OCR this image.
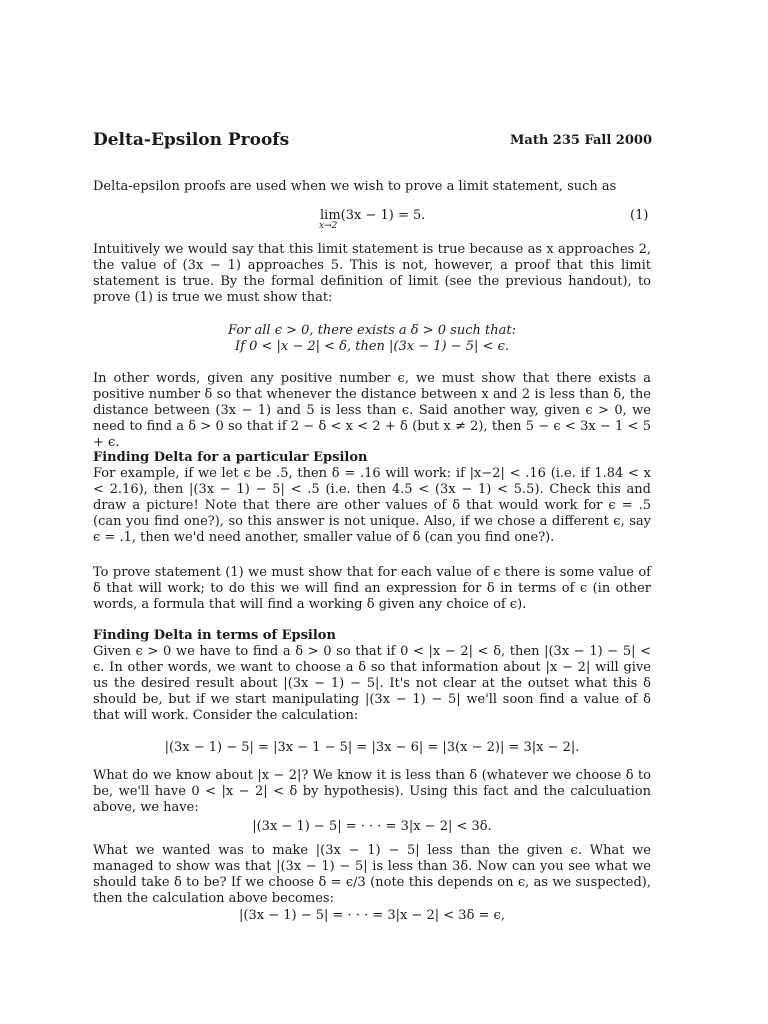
Delta-Epsilon Proofs	Math 235 Fall 2000
Delta-epsilon proofs are used when we wish to prove a limit statement, such as
lim(3x − 1) = 5.
x→2
(1)

Intuitively we would say that this limit statement is true because as x approaches 2, the value of (3x − 1) approaches 5. This is not, however, a proof that this limit statement is true. By the formal definition of limit (see the previous handout), to prove (1) is true we must show that:

For all ϵ > 0, there exists a δ > 0 such that:
If 0 < |x − 2| < δ, then |(3x − 1) − 5| < ϵ.

In other words, given any positive number ϵ, we must show that there exists a positive number δ so that whenever the distance between x and 2 is less than δ, the distance between (3x − 1) and 5 is less than ϵ. Said another way, given ϵ > 0, we need to find a δ > 0 so that if 2 − δ < x < 2 + δ (but x ≠ 2), then 5 − ϵ < 3x − 1 < 5 + ϵ.

Finding Delta for a particular Epsilon

For example, if we let ϵ be .5, then δ = .16 will work: if |x−2| < .16 (i.e. if 1.84 < x < 2.16), then |(3x − 1) − 5| < .5 (i.e. then 4.5 < (3x − 1) < 5.5). Check this and draw a picture! Note that there are other values of δ that would work for ϵ = .5 (can you find one?), so this answer is not unique. Also, if we chose a different ϵ, say ϵ = .1, then we'd need another, smaller value of δ (can you find one?).

To prove statement (1) we must show that for each value of ϵ there is some value of δ that will work; to do this we will find an expression for δ in terms of ϵ (in other words, a formula that will find a working δ given any choice of ϵ).

Finding Delta in terms of Epsilon

Given ϵ > 0 we have to find a δ > 0 so that if 0 < |x − 2| < δ, then |(3x − 1) − 5| < ϵ. In other words, we want to choose a δ so that information about |x − 2| will give us the desired result about |(3x − 1) − 5|. It's not clear at the outset what this δ should be, but if we start manipulating |(3x − 1) − 5| we'll soon find a value of δ that will work. Consider the calculation:

|(3x − 1) − 5| = |3x − 1 − 5| = |3x − 6| = |3(x − 2)| = 3|x − 2|.

What do we know about |x − 2|? We know it is less than δ (whatever we choose δ to be, we'll have 0 < |x − 2| < δ by hypothesis). Using this fact and the calculuation above, we have:

|(3x − 1) − 5| = · · · = 3|x − 2| < 3δ.

What we wanted was to make |(3x − 1) − 5| less than the given ϵ. What we managed to show was that |(3x − 1) − 5| is less than 3δ. Now can you see what we should take δ to be? If we choose δ = ϵ/3 (note this depends on ϵ, as we suspected), then the calculation above becomes:

|(3x − 1) − 5| = · · · = 3|x − 2| < 3δ = ϵ,
